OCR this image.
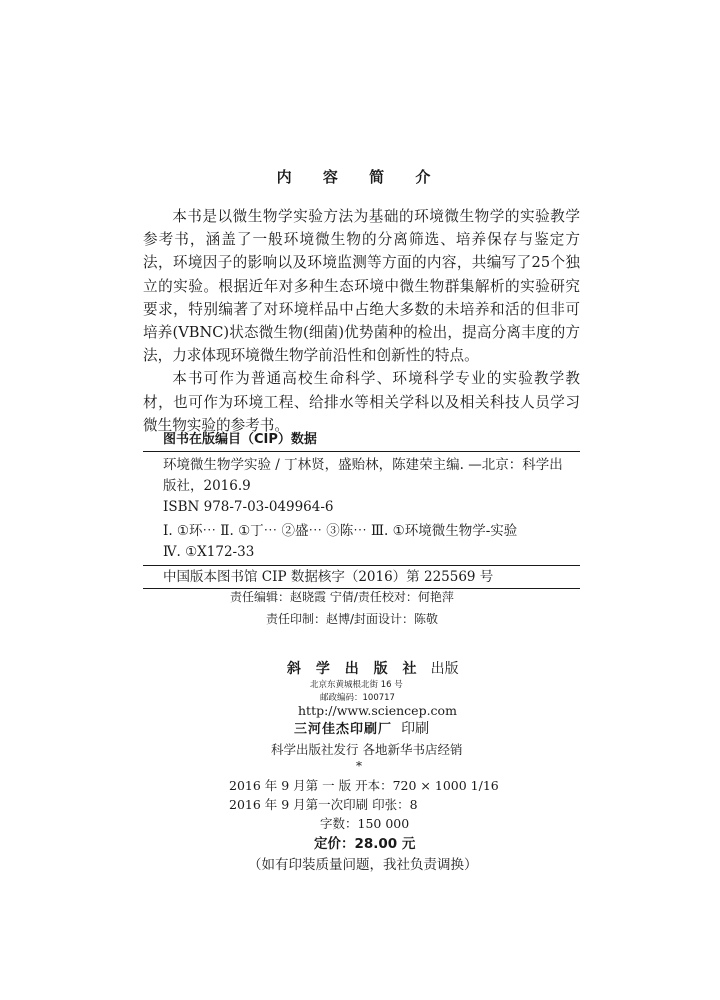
内 容 简 介

本书是以微生物学实验方法为基础的环境微生物学的实验教学参考书，涵盖了一般环境微生物的分离筛选、培养保存与鉴定方法，环境因子的影响以及环境监测等方面的内容，共编写了25个独立的实验。根据近年对多种生态环境中微生物群集解析的实验研究要求，特别编著了对环境样品中占绝大多数的未培养和活的但非可培养(VBNC)状态微生物(细菌)优势菌种的检出，提高分离丰度的方法，力求体现环境微生物学前沿性和创新性的特点。

本书可作为普通高校生命科学、环境科学专业的实验教学教材，也可作为环境工程、给排水等相关学科以及相关科技人员学习微生物实验的参考书。

图书在版编目（CIP）数据
环境微生物学实验 / 丁林贤，盛贻林，陈建荣主编. —北京：科学出
版社，2016.9
ISBN 978-7-03-049964-6
Ⅰ. ①环⋯ Ⅱ. ①丁⋯ ②盛⋯ ③陈⋯ Ⅲ. ①环境微生物学-实验
Ⅳ. ①X172-33
中国版本图书馆 CIP 数据核字（2016）第 225569 号
责任编辑：赵晓霞 宁倩/责任校对：何艳萍
责任印制：赵博/封面设计：陈敬
斜 学 出 版 社 出版
北京东黄城根北街 16 号
邮政编码：100717
http://www.sciencep.com
三河佳杰印刷厂 印刷
科学出版社发行 各地新华书店经销
*
2016 年 9 月第 一 版 开本：720 × 1000 1/16
2016 年 9 月第一次印刷 印张：8
字数：150 000
定价：28.00 元
（如有印装质量问题，我社负责调换）
